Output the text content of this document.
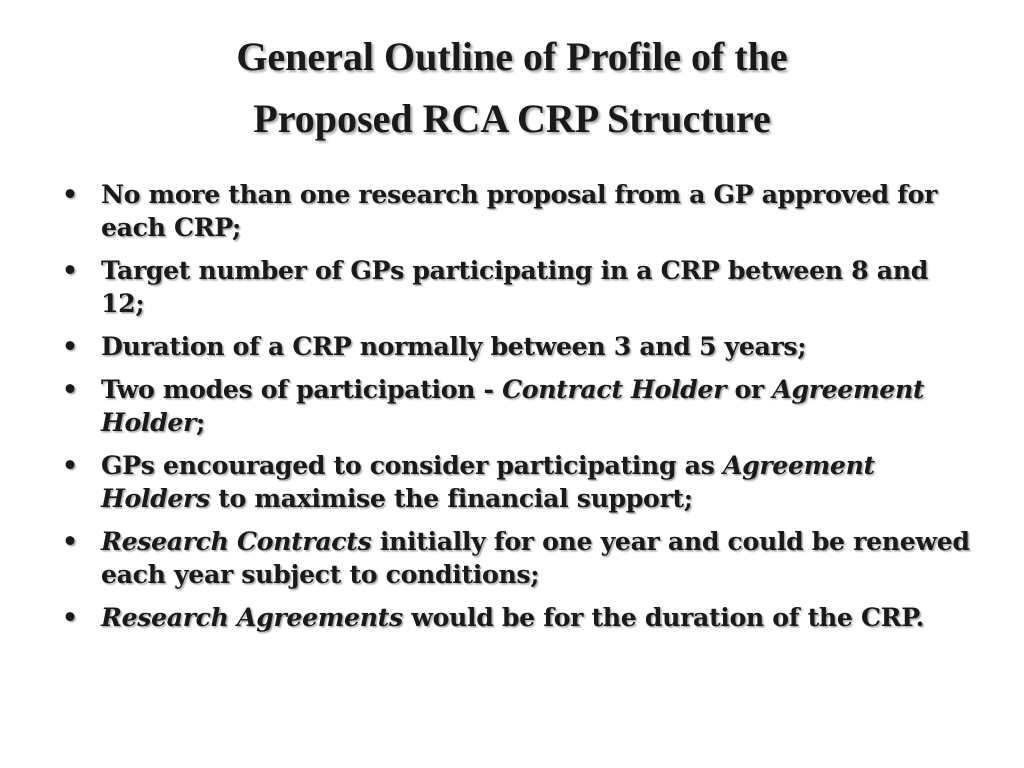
General Outline of Profile of the
Proposed RCA CRP Structure
• No more than one research proposal from a GP approved for each CRP;
• Target number of GPs participating in a CRP between 8 and 12;
• Duration of a CRP normally between 3 and 5 years;
• Two modes of participation - Contract Holder or Agreement Holder;
• GPs encouraged to consider participating as Agreement Holders to maximise the financial support;
• Research Contracts initially for one year and could be renewed each year subject to conditions;
• Research Agreements would be for the duration of the CRP.
